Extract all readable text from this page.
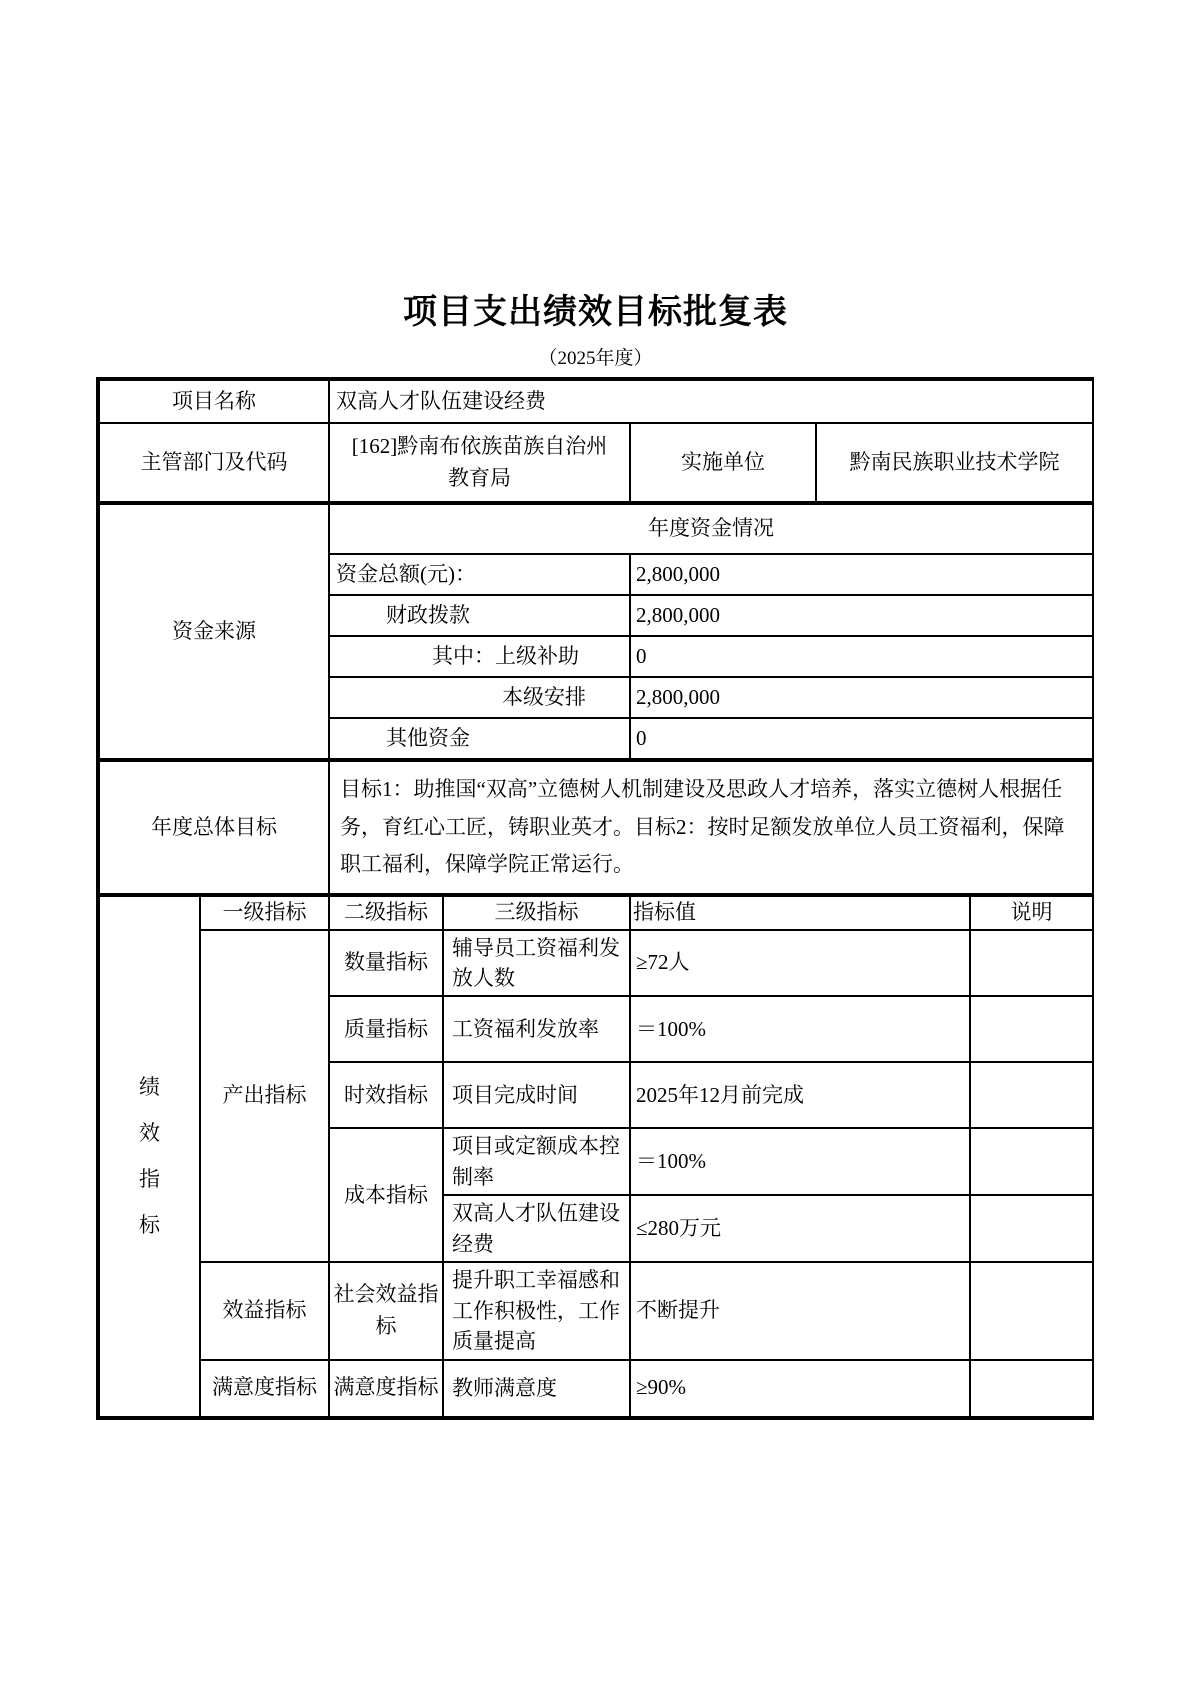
项目支出绩效目标批复表
（2025年度）
项目名称	双高人才队伍建设经费		
主管部门及代码	[162]黔南布依族苗族自治州教育局	实施单位	黔南民族职业技术学院
资金来源	年度资金情况	
	资金总额(元)：	2,800,000
	财政拨款	2,800,000
	其中：上级补助	0
	本级安排	2,800,000
	其他资金	0
年度总体目标	目标1：助推国“双高”立德树人机制建设及思政人才培养，落实立德树人根据任务，育红心工匠，铸职业英才。目标2：按时足额发放单位人员工资福利，保障职工福利，保障学院正常运行。
绩效指标	一级指标	二级指标	三级指标	指标值	说明
	产出指标	数量指标	辅导员工资福利发放人数	≥72人	
		质量指标	工资福利发放率	＝100%	
		时效指标	项目完成时间	2025年12月前完成	
		成本指标	项目或定额成本控制率	＝100%	
			双高人才队伍建设经费	≤280万元	
	效益指标	社会效益指标	提升职工幸福感和工作积极性，工作质量提高	不断提升	
	满意度指标	满意度指标	教师满意度	≥90%	
